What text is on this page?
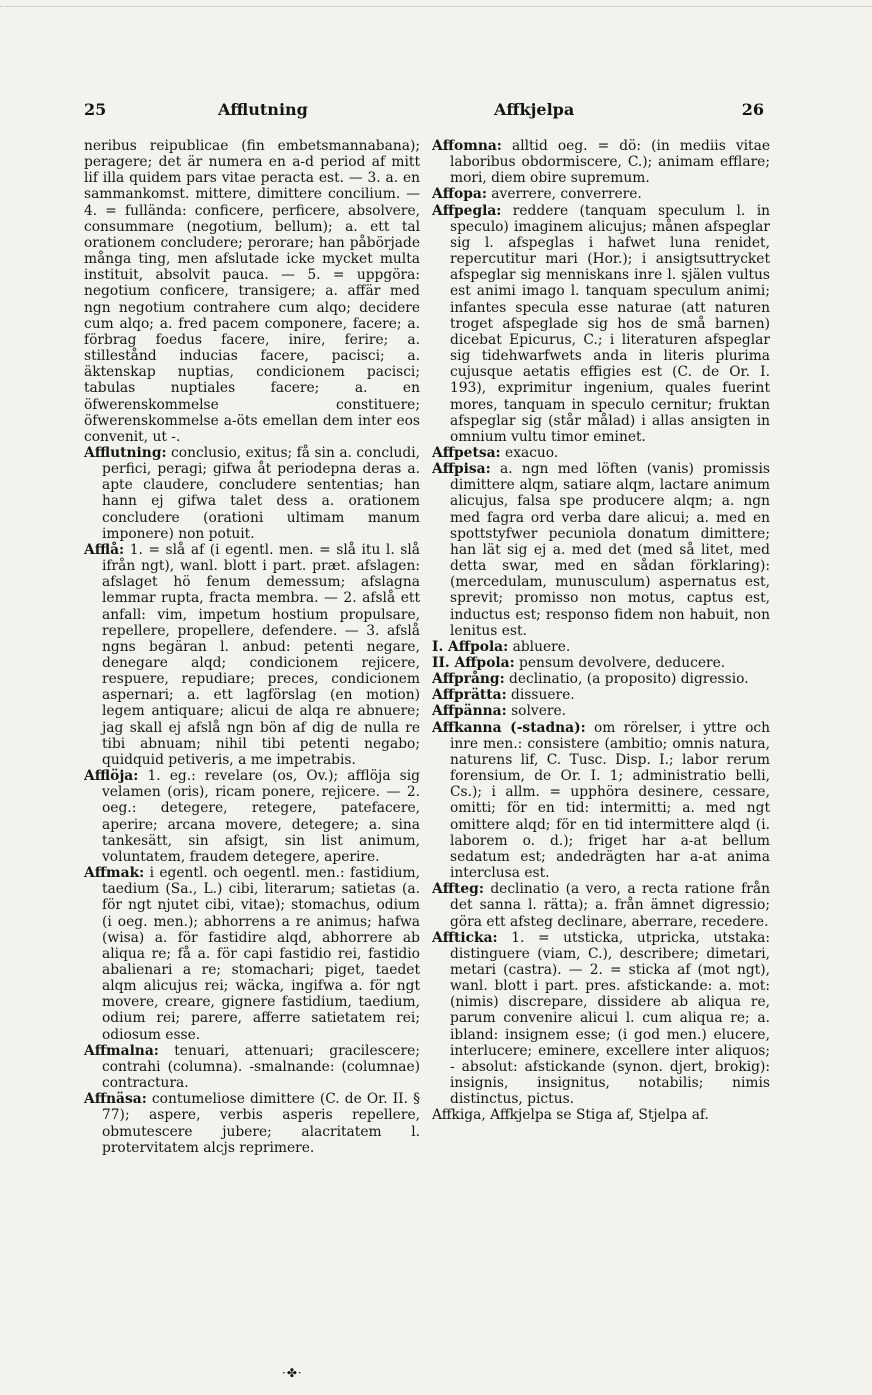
25	Afflutning	Affkjelpa	26

neribus reipublicae (fin embetsmannabana); peragere; det är numera en a-d period af mitt lif illa quidem pars vitae peracta est. — 3. a. en sammankomst. mittere, dimittere concilium. — 4. = fullända: conficere, perficere, absolvere, consummare (negotium, bellum); a. ett tal orationem concludere; perorare; han påbörjade många ting, men afslutade icke mycket multa instituit, absolvit pauca. — 5. = uppgöra: negotium conficere, transigere; a. affär med ngn negotium contrahere cum alqo; decidere cum alqo; a. fred pacem componere, facere; a. förbrag foedus facere, inire, ferire; a. stillestånd inducias facere, pacisci; a. äktenskap nuptias, condicionem pacisci; tabulas nuptiales facere; a. en öfwerenskommelse constituere; öfwerenskommelse a-öts emellan dem inter eos convenit, ut -.

Afflutning: conclusio, exitus; få sin a. concludi, perfici, peragi; gifwa åt periodерna deras a. apte claudere, concludere sententias; han hann ej gifwa talet dess a. orationem concludere (orationi ultimam manum imponere) non potuit.

Afflå: 1. = slå af (i egentl. men. = slå itu l. slå ifrån ngt), wanl. blott i part. præt. afslagen: afslaget hö fenum demessum; afslagna lemmar rupta, fracta membra. — 2. afslå ett anfall: vim, impetum hostium propulsare, repellere, propellere, defendere. — 3. afslå ngns begäran l. anbud: petenti negare, denegare alqd; condicionem rejicere, respuere, repudiare; preces, condicionem aspernari; a. ett lagförslag (en motion) legem antiquare; alicui de alqa re abnuere; jag skall ej afslå ngn bön af dig de nulla re tibi abnuam; nihil tibi petenti negabo; quidquid petiveris, a me impetrabis.

Afflöja: 1. eg.: revelare (os, Ov.); afflöja sig velamen (oris), ricam ponere, rejicere. — 2. oeg.: detegere, retegere, patefacere, aperire; arcana movere, detegere; a. sina tankesätt, sin afsigt, sin list animum, voluntatem, fraudem detegere, aperire.

Affmak: i egentl. och oegentl. men.: fastidium, taedium (Sa., L.) cibi, literarum; satietas (a. för ngt njutet cibi, vitae); stomachus, odium (i oeg. men.); abhorrens a re animus; hafwa (wisa) a. för fastidire alqd, abhorrere ab aliqua re; få a. för capi fastidio rei, fastidio abalienari a re; stomachari; piget, taedet alqm alicujus rei; wäcka, ingifwa a. för ngt movere, creare, gignere fastidium, taedium, odium rei; parere, afferre satietatem rei; odiosum esse.

Affmalna: tenuari, attenuari; gracilescere; contrahi (columna). -smalnande: (columnae) contractura.

Affnäsa: contumeliose dimittere (C. de Or. II. § 77); aspere, verbis asperis repellere, obmutescere jubere; alacritatem l. protervitatem alcjs reprimere.

Affomna: alltid oeg. = dö: (in mediis vitae laboribus obdormiscere, C.); animam efflare; mori, diem obire supremum.

Affopa: averrere, converrere.

Affpegla: reddere (tanquam speculum l. in speculo) imaginem alicujus; månen afspeglar sig l. afspeglas i hafwet luna renidet, repercutitur mari (Hor.); i ansigtsuttrycket afspeglar sig menniskans inre l. själen vultus est animi imago l. tanquam speculum animi; infantes specula esse naturae (att naturen troget afspeglade sig hos de små barnen) dicebat Epicurus, C.; i literaturen afspeglar sig tidehwarfwets anda in literis plurima cujusque aetatis effigies est (C. de Or. I. 193), exprimitur ingenium, quales fuerint mores, tanquam in speculo cernitur; fruktan afspeglar sig (står målad) i allas ansigten in omnium vultu timor eminet.

Affpetsa: exacuo.

Affpisa: a. ngn med löften (vanis) promissis dimittere alqm, satiare alqm, lactare animum alicujus, falsa spe producere alqm; a. ngn med fagra ord verba dare alicui; a. med en spottstyfwer pecuniola donatum dimittere; han lät sig ej a. med det (med så litet, med detta swar, med en sådan förklaring): (mercedulam, munusculum) aspernatus est, sprevit; promisso non motus, captus est, inductus est; responso fidem non habuit, non lenitus est.

I. Affpola: abluere.

II. Affpola: pensum devolvere, deducere.

Affprång: declinatio, (a proposito) digressio.

Affprätta: dissuere.

Affpänna: solvere.

Affkanna (-stadna): om rörelser, i yttre och inre men.: consistere (ambitio; omnis natura, naturens lif, C. Tusc. Disp. I.; labor rerum forensium, de Or. I. 1; administratio belli, Cs.); i allm. = upphöra desinere, cessare, omitti; för en tid: intermitti; a. med ngt omittere alqd; för en tid intermittere alqd (i. laborem o. d.); friget har a-at bellum sedatum est; andedrägten har a-at anima interclusa est.

Affteg: declinatio (a vero, a recta ratione från det sanna l. rätta); a. från ämnet digressio; göra ett afsteg declinare, aberrare, recedere.

Affticka: 1. = utsticka, utpricka, utstaka: distinguere (viam, C.), describere; dimetari, metari (castra). — 2. = sticka af (mot ngt), wanl. blott i part. pres. afstickande: a. mot: (nimis) discrepare, dissidere ab aliqua re, parum convenire alicui l. cum aliqua re; a. ibland: insignem esse; (i god men.) elucere, interlucere; eminere, excellere inter aliquos; - absolut: afstickande (synon. djert, brokig): insignis, insignitus, notabilis; nimis distinctus, pictus.

Affkiga, Affkjelpa se Stiga af, Stjelpa af.

·✤·
